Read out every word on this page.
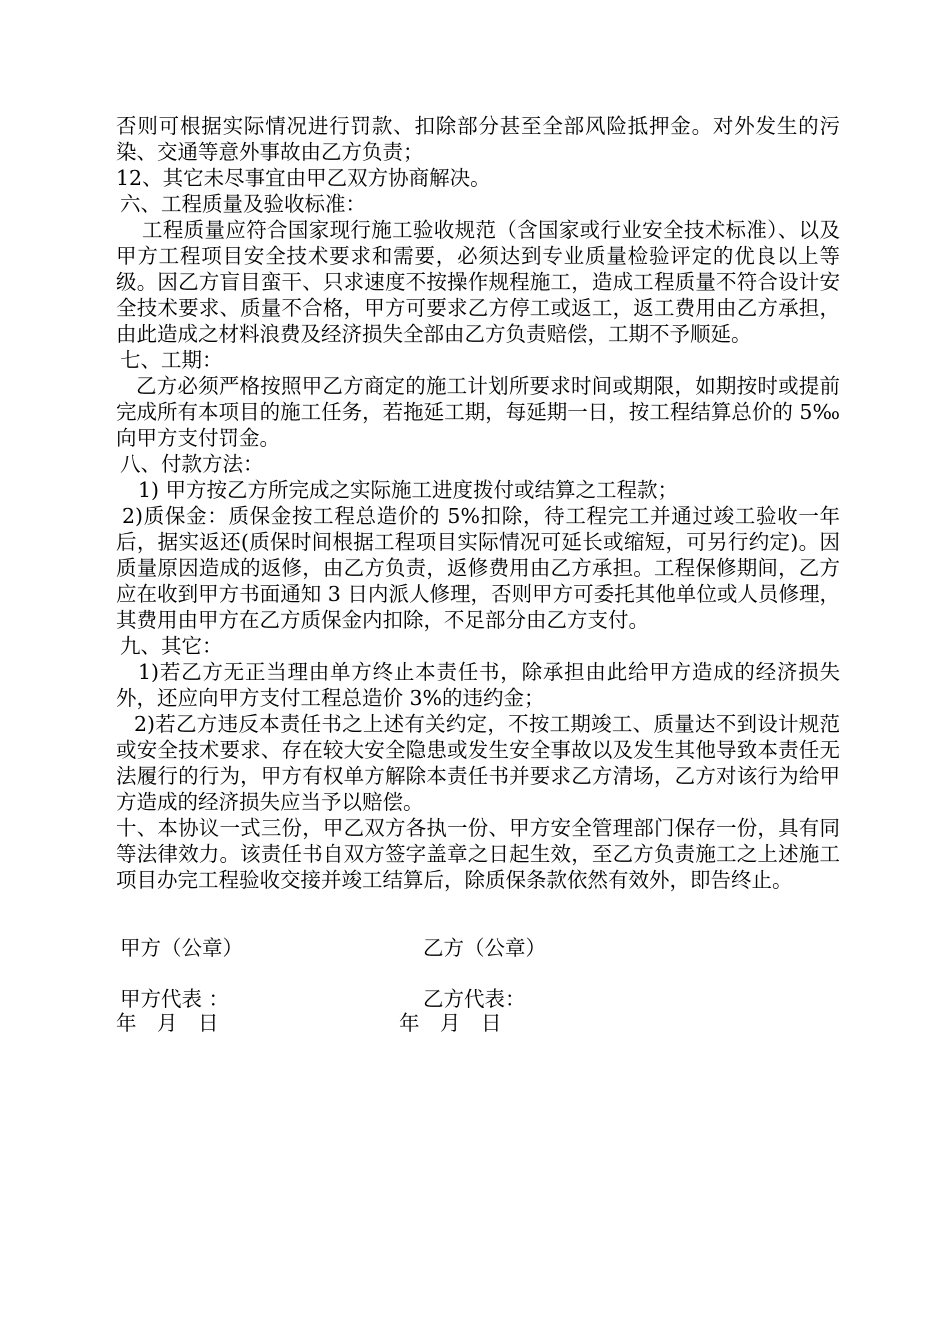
否则可根据实际情况进行罚款、扣除部分甚至全部风险抵押金。对外发生的污染、交通等意外事故由乙方负责；

12、其它未尽事宜由甲乙双方协商解决。

六、工程质量及验收标准：

工程质量应符合国家现行施工验收规范（含国家或行业安全技术标准）、以及甲方工程项目安全技术要求和需要，必须达到专业质量检验评定的优良以上等级。因乙方盲目蛮干、只求速度不按操作规程施工，造成工程质量不符合设计安全技术要求、质量不合格，甲方可要求乙方停工或返工，返工费用由乙方承担，由此造成之材料浪费及经济损失全部由乙方负责赔偿，工期不予顺延。

七、工期：

乙方必须严格按照甲乙方商定的施工计划所要求时间或期限，如期按时或提前完成所有本项目的施工任务，若拖延工期，每延期一日，按工程结算总价的 5‰向甲方支付罚金。

八、付款方法：

1) 甲方按乙方所完成之实际施工进度拨付或结算之工程款；

2)质保金：质保金按工程总造价的 5%扣除，待工程完工并通过竣工验收一年后，据实返还(质保时间根据工程项目实际情况可延长或缩短，可另行约定)。因质量原因造成的返修，由乙方负责，返修费用由乙方承担。工程保修期间，乙方应在收到甲方书面通知 3 日内派人修理，否则甲方可委托其他单位或人员修理，其费用由甲方在乙方质保金内扣除，不足部分由乙方支付。

九、其它：

1)若乙方无正当理由单方终止本责任书，除承担由此给甲方造成的经济损失外，还应向甲方支付工程总造价 3%的违约金；

2)若乙方违反本责任书之上述有关约定，不按工期竣工、质量达不到设计规范或安全技术要求、存在较大安全隐患或发生安全事故以及发生其他导致本责任无法履行的行为，甲方有权单方解除本责任书并要求乙方清场，乙方对该行为给甲方造成的经济损失应当予以赔偿。

十、本协议一式三份，甲乙双方各执一份、甲方安全管理部门保存一份，具有同等法律效力。该责任书自双方签字盖章之日起生效，至乙方负责施工之上述施工项目办完工程验收交接并竣工结算后，除质保条款依然有效外，即告终止。

甲方（公章）	乙方（公章）
甲方代表 ：	乙方代表：
年　月　日	年　月　日
